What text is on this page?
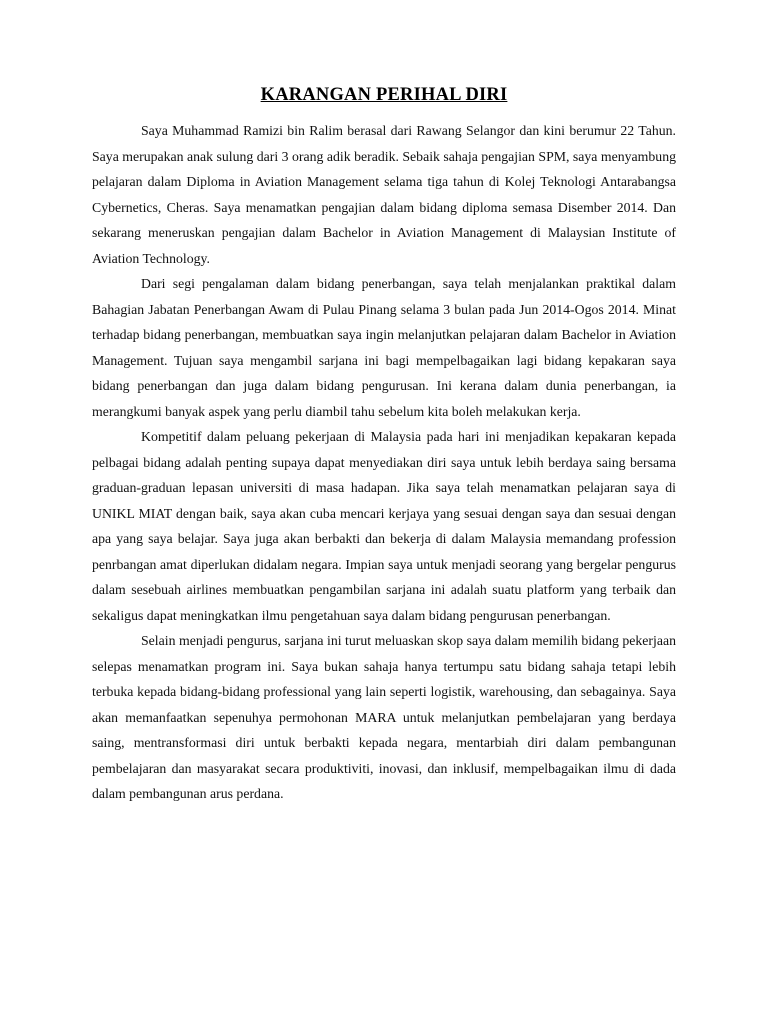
KARANGAN PERIHAL DIRI

Saya Muhammad Ramizi bin Ralim berasal dari Rawang Selangor dan kini berumur 22 Tahun. Saya merupakan anak sulung dari 3 orang adik beradik. Sebaik sahaja pengajian SPM, saya menyambung pelajaran dalam Diploma in Aviation Management selama tiga tahun di Kolej Teknologi Antarabangsa Cybernetics, Cheras. Saya menamatkan pengajian dalam bidang diploma semasa Disember 2014. Dan sekarang meneruskan pengajian dalam Bachelor in Aviation Management di Malaysian Institute of Aviation Technology.

Dari segi pengalaman dalam bidang penerbangan, saya telah menjalankan praktikal dalam Bahagian Jabatan Penerbangan Awam di Pulau Pinang selama 3 bulan pada Jun 2014-Ogos 2014. Minat terhadap bidang penerbangan, membuatkan saya ingin melanjutkan pelajaran dalam Bachelor in Aviation Management. Tujuan saya mengambil sarjana ini bagi mempelbagaikan lagi bidang kepakaran saya bidang penerbangan dan juga dalam bidang pengurusan. Ini kerana dalam dunia penerbangan, ia merangkumi banyak aspek yang perlu diambil tahu sebelum kita boleh melakukan kerja.

Kompetitif dalam peluang pekerjaan di Malaysia pada hari ini menjadikan kepakaran kepada pelbagai bidang adalah penting supaya dapat menyediakan diri saya untuk lebih berdaya saing bersama graduan-graduan lepasan universiti di masa hadapan. Jika saya telah menamatkan pelajaran saya di UNIKL MIAT dengan baik, saya akan cuba mencari kerjaya yang sesuai dengan saya dan sesuai dengan apa yang saya belajar. Saya juga akan berbakti dan bekerja di dalam Malaysia memandang profession penrbangan amat diperlukan didalam negara. Impian saya untuk menjadi seorang yang bergelar pengurus dalam sesebuah airlines membuatkan pengambilan sarjana ini adalah suatu platform yang terbaik dan sekaligus dapat meningkatkan ilmu pengetahuan saya dalam bidang pengurusan penerbangan.

Selain menjadi pengurus, sarjana ini turut meluaskan skop saya dalam memilih bidang pekerjaan selepas menamatkan program ini. Saya bukan sahaja hanya tertumpu satu bidang sahaja tetapi lebih terbuka kepada bidang-bidang professional yang lain seperti logistik, warehousing, dan sebagainya. Saya akan memanfaatkan sepenuhya permohonan MARA untuk melanjutkan pembelajaran yang berdaya saing, mentransformasi diri untuk berbakti kepada negara, mentarbiah diri dalam pembangunan pembelajaran dan masyarakat secara produktiviti, inovasi, dan inklusif, mempelbagaikan ilmu di dada dalam pembangunan arus perdana.
